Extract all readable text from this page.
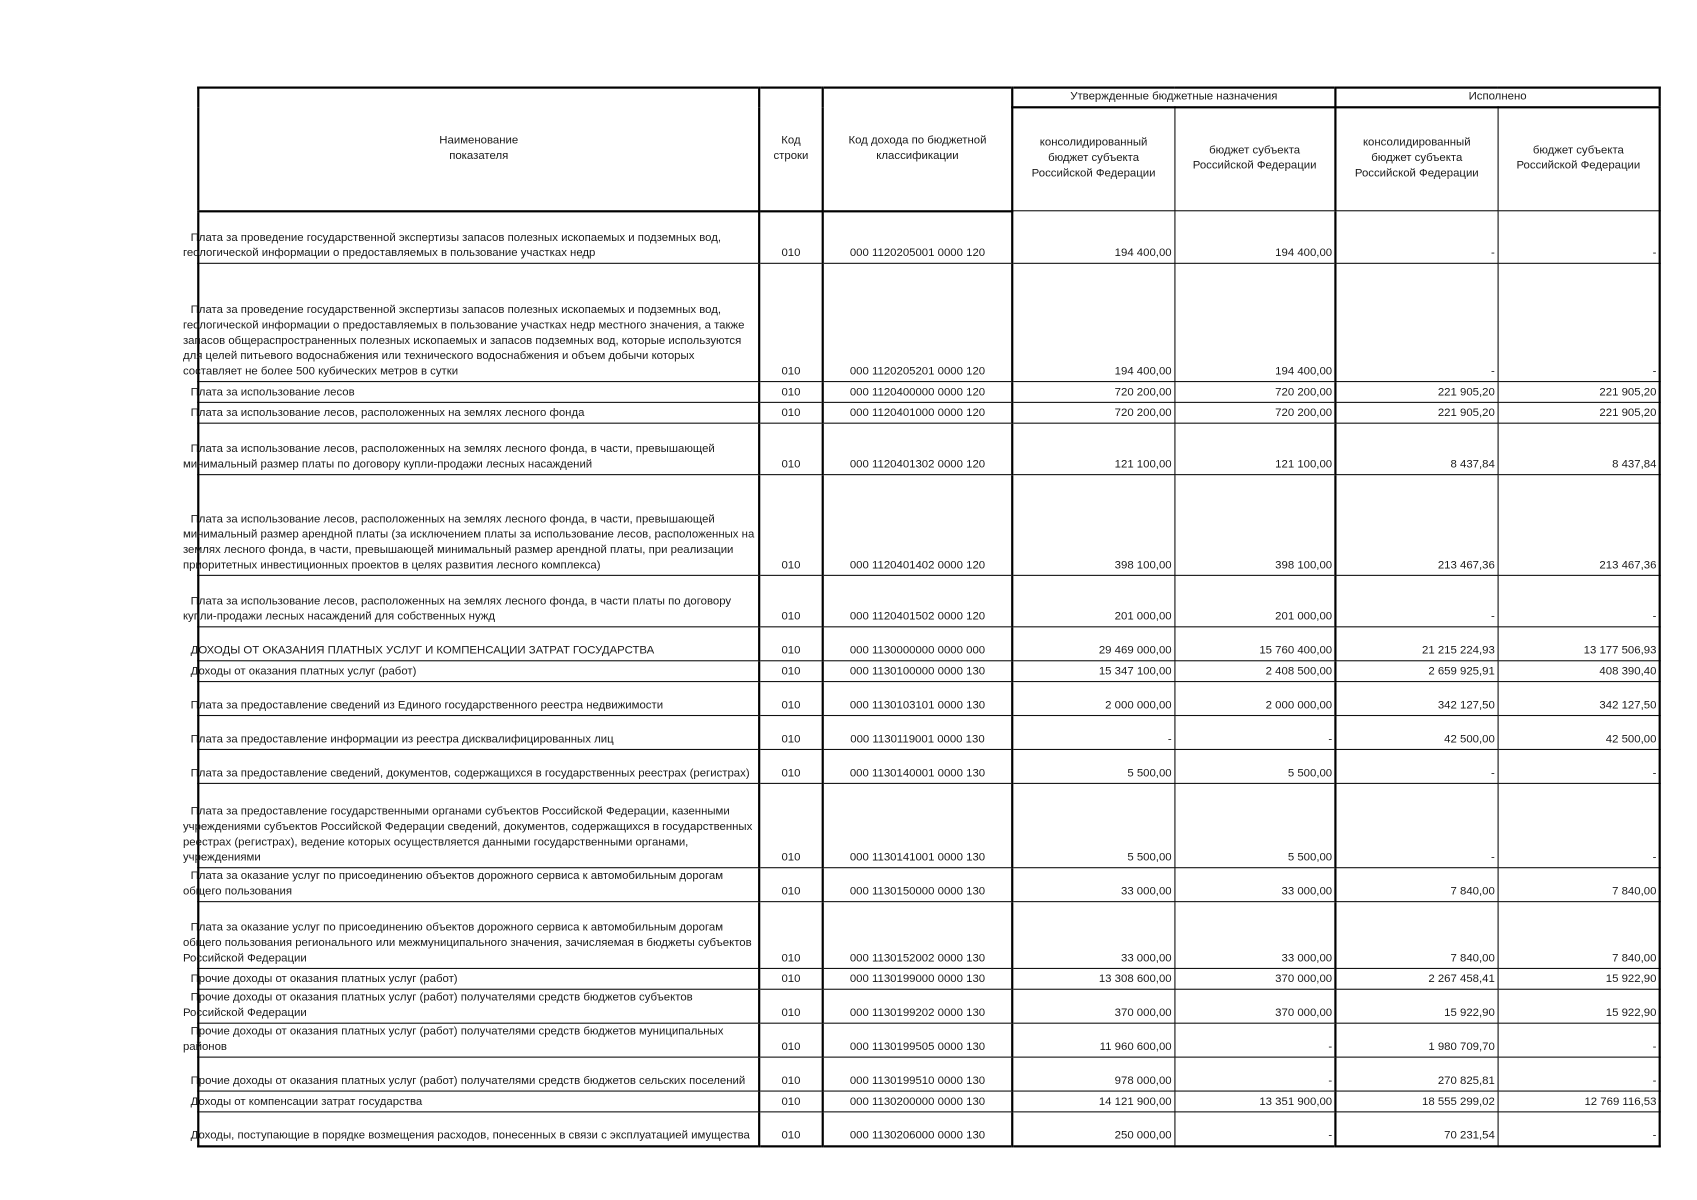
Наименование показателя	Код строки	Код дохода по бюджетной классификации	Утвержденные бюджетные назначения		Исполнено	
			консолидированный бюджет субъекта Российской Федерации	бюджет субъекта Российской Федерации	консолидированный бюджет субъекта Российской Федерации	бюджет субъекта Российской Федерации

Плата за проведение государственной экспертизы запасов полезных ископаемых и подземных вод, геологической информации о предоставляемых в пользование участках недр	010	000 1120205001 0000 120	194 400,00	194 400,00	-	-

Плата за проведение государственной экспертизы запасов полезных ископаемых и подземных вод, геологической информации о предоставляемых в пользование участках недр местного значения, а также запасов общераспространенных полезных ископаемых и запасов подземных вод, которые используются для целей питьевого водоснабжения или технического водоснабжения и объем добычи которых составляет не более 500 кубических метров в сутки	010	000 1120205201 0000 120	194 400,00	194 400,00	-	-

Плата за использование лесов	010	000 1120400000 0000 120	720 200,00	720 200,00	221 905,20	221 905,20

Плата за использование лесов, расположенных на землях лесного фонда	010	000 1120401000 0000 120	720 200,00	720 200,00	221 905,20	221 905,20

Плата за использование лесов, расположенных на землях лесного фонда, в части, превышающей минимальный размер платы по договору купли-продажи лесных насаждений	010	000 1120401302 0000 120	121 100,00	121 100,00	8 437,84	8 437,84

Плата за использование лесов, расположенных на землях лесного фонда, в части, превышающей минимальный размер арендной платы (за исключением платы за использование лесов, расположенных на землях лесного фонда, в части, превышающей минимальный размер арендной платы, при реализации приоритетных инвестиционных проектов в целях развития лесного комплекса)	010	000 1120401402 0000 120	398 100,00	398 100,00	213 467,36	213 467,36

Плата за использование лесов, расположенных на землях лесного фонда, в части платы по договору купли-продажи лесных насаждений для собственных нужд	010	000 1120401502 0000 120	201 000,00	201 000,00	-	-

ДОХОДЫ ОТ ОКАЗАНИЯ ПЛАТНЫХ УСЛУГ И КОМПЕНСАЦИИ ЗАТРАТ ГОСУДАРСТВА	010	000 1130000000 0000 000	29 469 000,00	15 760 400,00	21 215 224,93	13 177 506,93

Доходы от оказания платных услуг (работ)	010	000 1130100000 0000 130	15 347 100,00	2 408 500,00	2 659 925,91	408 390,40

Плата за предоставление сведений из Единого государственного реестра недвижимости	010	000 1130103101 0000 130	2 000 000,00	2 000 000,00	342 127,50	342 127,50

Плата за предоставление информации из реестра дисквалифицированных лиц	010	000 1130119001 0000 130	-	-	42 500,00	42 500,00

Плата за предоставление сведений, документов, содержащихся в государственных реестрах (регистрах)	010	000 1130140001 0000 130	5 500,00	5 500,00	-	-

Плата за предоставление государственными органами субъектов Российской Федерации, казенными учреждениями субъектов Российской Федерации сведений, документов, содержащихся в государственных реестрах (регистрах), ведение которых осуществляется данными государственными органами, учреждениями	010	000 1130141001 0000 130	5 500,00	5 500,00	-	-

Плата за оказание услуг по присоединению объектов дорожного сервиса к автомобильным дорогам общего пользования	010	000 1130150000 0000 130	33 000,00	33 000,00	7 840,00	7 840,00

Плата за оказание услуг по присоединению объектов дорожного сервиса к автомобильным дорогам общего пользования регионального или межмуниципального значения, зачисляемая в бюджеты субъектов Российской Федерации	010	000 1130152002 0000 130	33 000,00	33 000,00	7 840,00	7 840,00

Прочие доходы от оказания платных услуг (работ)	010	000 1130199000 0000 130	13 308 600,00	370 000,00	2 267 458,41	15 922,90

Прочие доходы от оказания платных услуг (работ) получателями средств бюджетов субъектов Российской Федерации	010	000 1130199202 0000 130	370 000,00	370 000,00	15 922,90	15 922,90

Прочие доходы от оказания платных услуг (работ) получателями средств бюджетов муниципальных районов	010	000 1130199505 0000 130	11 960 600,00	-	1 980 709,70	-

Прочие доходы от оказания платных услуг (работ) получателями средств бюджетов сельских поселений	010	000 1130199510 0000 130	978 000,00	-	270 825,81	-

Доходы от компенсации затрат государства	010	000 1130200000 0000 130	14 121 900,00	13 351 900,00	18 555 299,02	12 769 116,53

Доходы, поступающие в порядке возмещения расходов, понесенных в связи с эксплуатацией имущества	010	000 1130206000 0000 130	250 000,00	-	70 231,54	-
